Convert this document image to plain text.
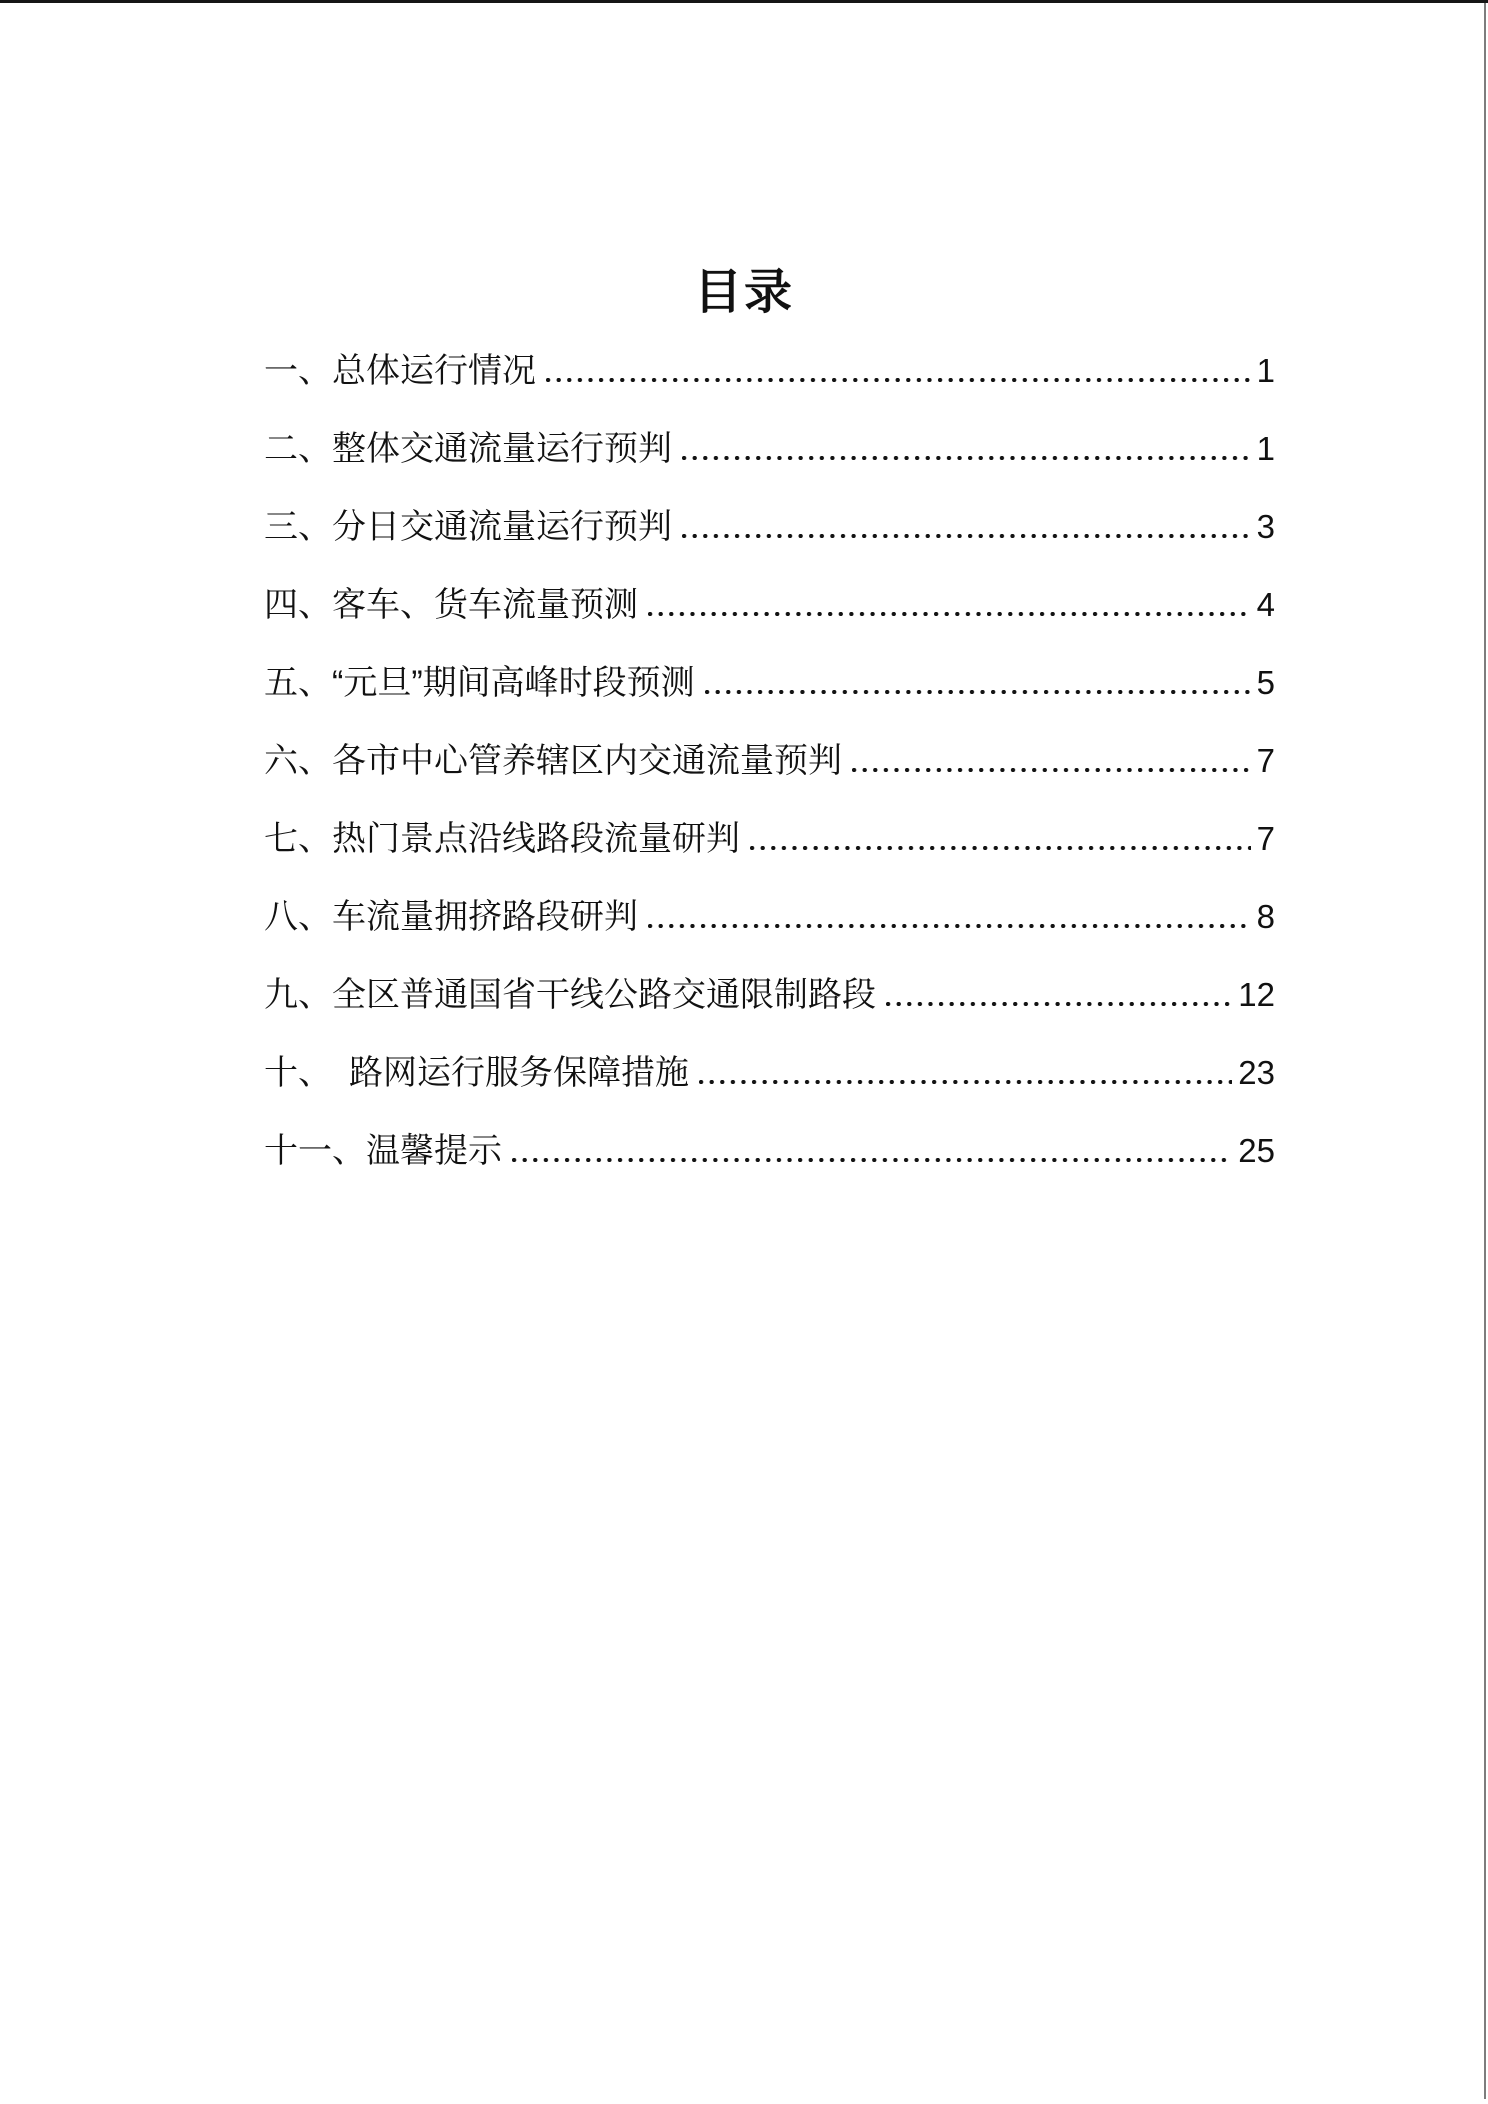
目录
一、总体运行情况	1
二、整体交通流量运行预判	1
三、分日交通流量运行预判	3
四、客车、货车流量预测	4
五、“元旦”期间高峰时段预测	5
六、各市中心管养辖区内交通流量预判	7
七、热门景点沿线路段流量研判	7
八、车流量拥挤路段研判	8
九、全区普通国省干线公路交通限制路段	12
十、　路网运行服务保障措施	23
十一、温馨提示	25
